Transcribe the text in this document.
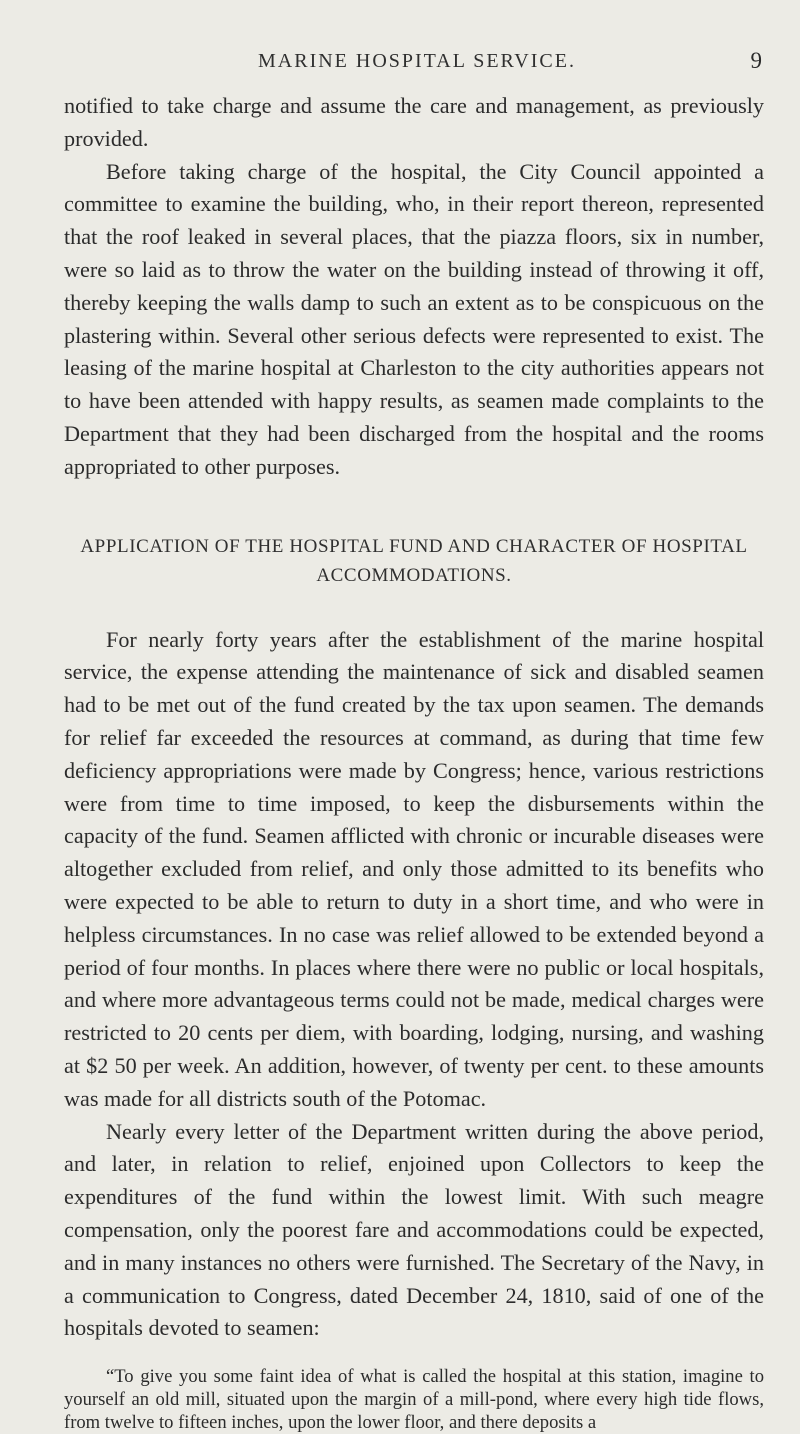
MARINE HOSPITAL SERVICE.	9

notified to take charge and assume the care and management, as previously provided.

Before taking charge of the hospital, the City Council appointed a committee to examine the building, who, in their report thereon, represented that the roof leaked in several places, that the piazza floors, six in number, were so laid as to throw the water on the building instead of throwing it off, thereby keeping the walls damp to such an extent as to be conspicuous on the plastering within. Several other serious defects were represented to exist. The leasing of the marine hospital at Charleston to the city authorities appears not to have been attended with happy results, as seamen made complaints to the Department that they had been discharged from the hospital and the rooms appropriated to other purposes.

APPLICATION OF THE HOSPITAL FUND AND CHARACTER OF HOSPITAL
ACCOMMODATIONS.

For nearly forty years after the establishment of the marine hospital service, the expense attending the maintenance of sick and disabled seamen had to be met out of the fund created by the tax upon seamen. The demands for relief far exceeded the resources at command, as during that time few deficiency appropriations were made by Congress; hence, various restrictions were from time to time imposed, to keep the disbursements within the capacity of the fund. Seamen afflicted with chronic or incurable diseases were altogether excluded from relief, and only those admitted to its benefits who were expected to be able to return to duty in a short time, and who were in helpless circumstances. In no case was relief allowed to be extended beyond a period of four months. In places where there were no public or local hospitals, and where more advantageous terms could not be made, medical charges were restricted to 20 cents per diem, with boarding, lodging, nursing, and washing at $2 50 per week. An addition, however, of twenty per cent. to these amounts was made for all districts south of the Potomac.

Nearly every letter of the Department written during the above period, and later, in relation to relief, enjoined upon Collectors to keep the expenditures of the fund within the lowest limit. With such meagre compensation, only the poorest fare and accommodations could be expected, and in many instances no others were furnished. The Secretary of the Navy, in a communication to Congress, dated December 24, 1810, said of one of the hospitals devoted to seamen:

“To give you some faint idea of what is called the hospital at this station, imagine to yourself an old mill, situated upon the margin of a mill-pond, where every high tide flows, from twelve to fifteen inches, upon the lower floor, and there deposits a
